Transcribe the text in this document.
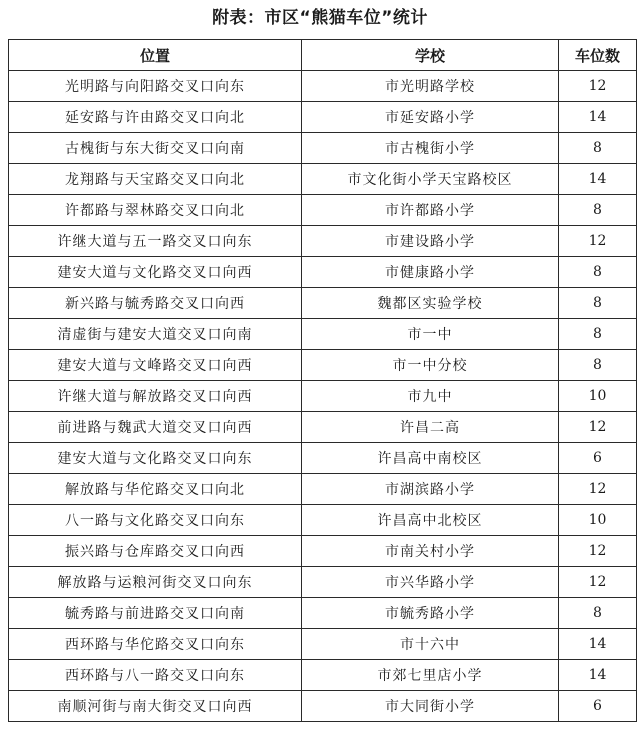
附表：市区“熊猫车位”统计
位置	学校	车位数
光明路与向阳路交叉口向东	市光明路学校	12
延安路与许由路交叉口向北	市延安路小学	14
古槐街与东大街交叉口向南	市古槐街小学	8
龙翔路与天宝路交叉口向北	市文化街小学天宝路校区	14
许都路与翠林路交叉口向北	市许都路小学	8
许继大道与五一路交叉口向东	市建设路小学	12
建安大道与文化路交叉口向西	市健康路小学	8
新兴路与毓秀路交叉口向西	魏都区实验学校	8
清虚街与建安大道交叉口向南	市一中	8
建安大道与文峰路交叉口向西	市一中分校	8
许继大道与解放路交叉口向西	市九中	10
前进路与魏武大道交叉口向西	许昌二高	12
建安大道与文化路交叉口向东	许昌高中南校区	6
解放路与华佗路交叉口向北	市湖滨路小学	12
八一路与文化路交叉口向东	许昌高中北校区	10
振兴路与仓库路交叉口向西	市南关村小学	12
解放路与运粮河街交叉口向东	市兴华路小学	12
毓秀路与前进路交叉口向南	市毓秀路小学	8
西环路与华佗路交叉口向东	市十六中	14
西环路与八一路交叉口向东	市郊七里店小学	14
南顺河街与南大街交叉口向西	市大同街小学	6
